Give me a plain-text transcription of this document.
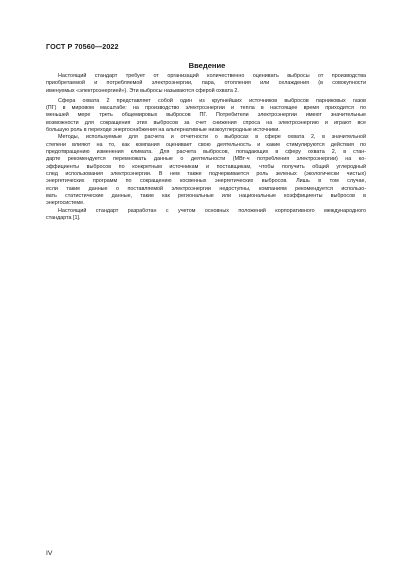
ГОСТ Р 70560—2022
Введение
Настоящий стандарт требует от организаций количественно оценивать выбросы от производства
приобретаемой и потребляемой электроэнергии, пара, отопления или охлаждения (в совокупности
именуемых «электроэнергией»). Эти выбросы называются сферой охвата 2.
Сфера охвата 2 представляет собой один из крупнейших источников выбросов парниковых газов
(ПГ) в мировом масштабе: на производство электроэнергии и тепла в настоящее время приходится по
меньшей мере треть общемировых выбросов ПГ. Потребители электроэнергии имеют значительные
возможности для сокращения этих выбросов за счет снижения спроса на электроэнергию и играют все
большую роль в переходе энергоснабжения на альтернативные низкоуглеродные источники.
Методы, используемые для расчета и отчетности о выбросах в сфере охвата 2, в значительной
степени влияют на то, как компания оценивает свою деятельность и какие стимулируются действия по
предотвращению изменения климата. Для расчета выбросов, попадающих в сферу охвата 2, в стан-
дарте рекомендуется перемножать данные о деятельности (МВт·ч потребления электроэнергии) на ко-
эффициенты выбросов по конкретным источникам и поставщикам, чтобы получить общий углеродный
след использования электроэнергии. В нем также подчеркивается роль зеленых (экологически чистых)
энергетических программ по сокращению косвенных энергетических выбросов. Лишь в том случае,
если такие данные о поставляемой электроэнергии недоступны, компаниям рекомендуется использо-
вать статистические данные, такие как региональные или национальные коэффициенты выбросов в
энергосистеме.
Настоящий стандарт разработан с учетом основных положений корпоративного международного
стандарта [1].
IV
